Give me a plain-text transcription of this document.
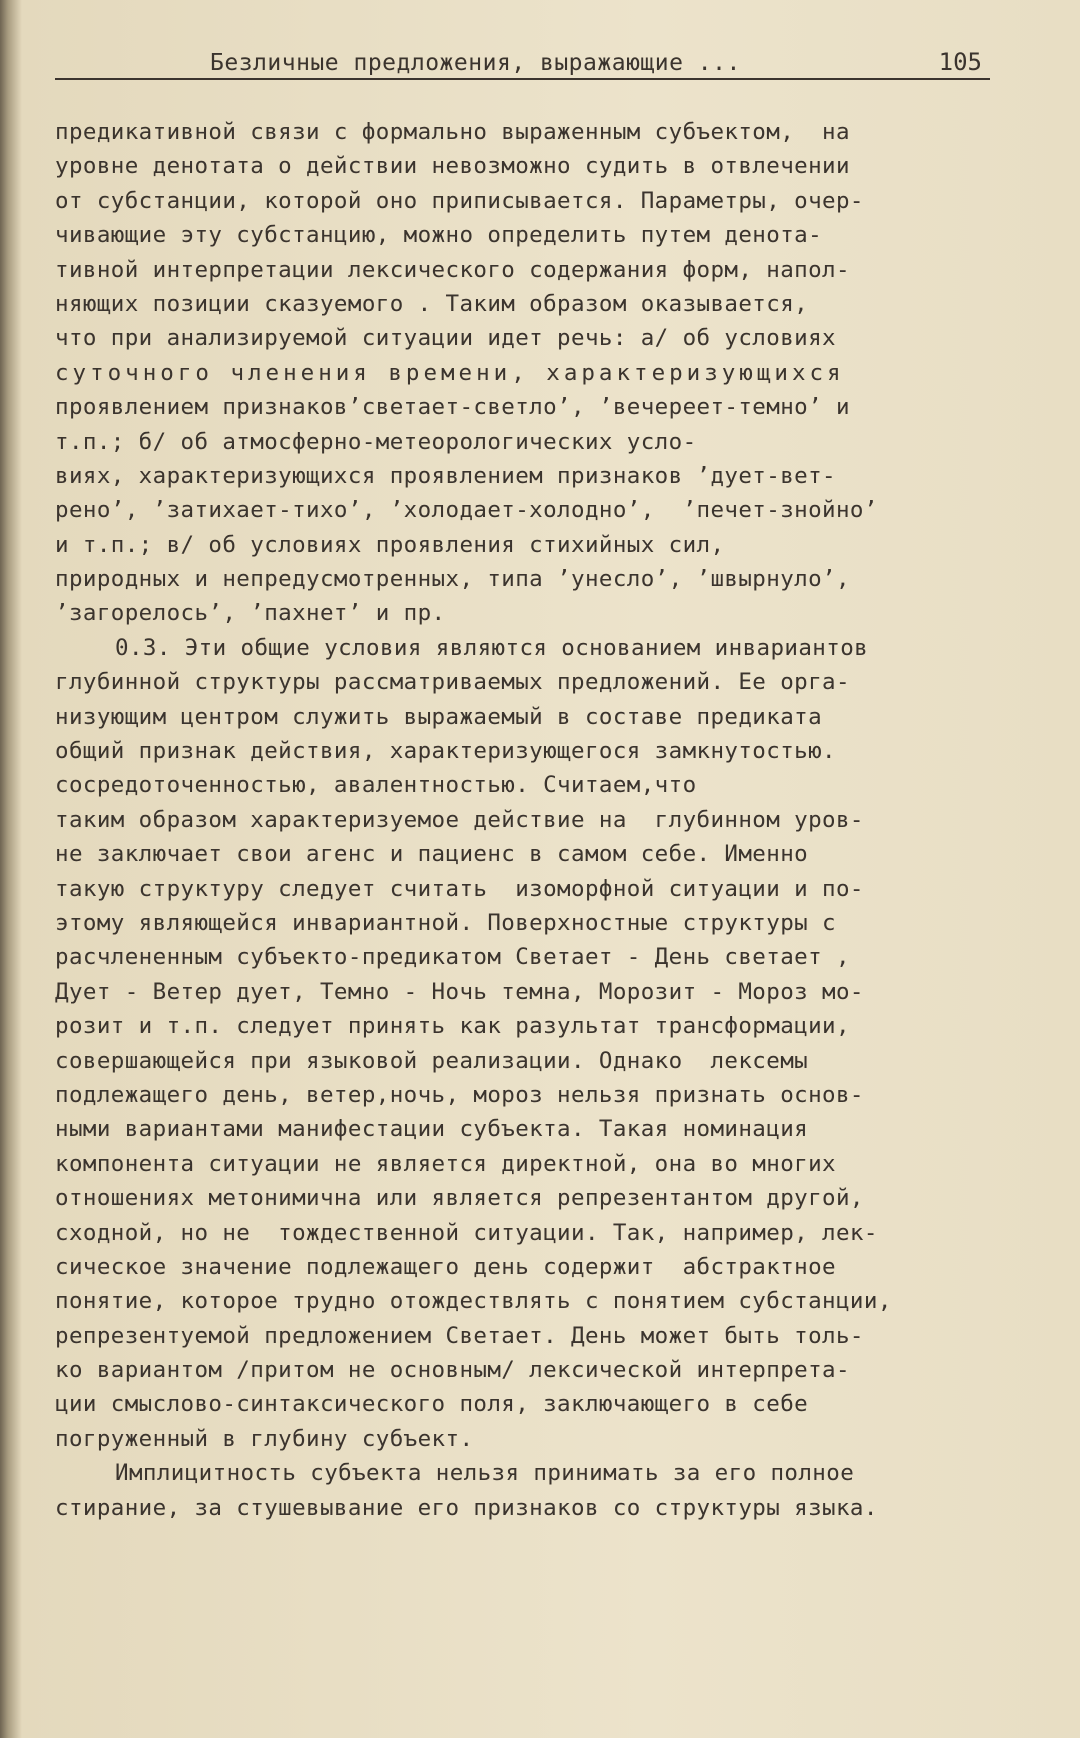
Безличные предложения, выражающие ...	105
предикативной связи с формально выраженным субъектом,  на
уровне денотата о действии невозможно судить в отвлечении
от субстанции, которой оно приписывается. Параметры, очер-
чивающие эту субстанцию, можно определить путем денота-
тивной интерпретации лексического содержания форм, напол-
няющих позиции сказуемого . Таким образом оказывается,
что при анализируемой ситуации идет речь: а/ об условиях
суточного членения времени, характеризующихся
проявлением признаков’светает-светло’, ’вечереет-темно’ и
т.п.; б/ об атмосферно-метеорологических усло-
виях, характеризующихся проявлением признаков ’дует-вет-
рено’, ’затихает-тихо’, ’холодает-холодно’,  ’печет-знойно’
и т.п.; в/ об условиях проявления стихийных сил,
природных и непредусмотренных, типа ’унесло’, ’швырнуло’,
’загорелось’, ’пахнет’ и пр.
0.3. Эти общие условия являются основанием инвариантов
глубинной структуры рассматриваемых предложений. Ее орга-
низующим центром служить выражаемый в составе предиката
общий признак действия, характеризующегося замкнутостью.
сосредоточенностью, авалентностью. Считаем,что
таким образом характеризуемое действие на  глубинном уров-
не заключает свои агенс и пациенс в самом себе. Именно
такую структуру следует считать  изоморфной ситуации и по-
этому являющейся инвариантной. Поверхностные структуры с
расчлененным субъекто-предикатом Светает - День светает ,
Дует - Ветер дует, Темно - Ночь темна, Морозит - Мороз мо-
розит и т.п. следует принять как разультат трансформации,
совершающейся при языковой реализации. Однако  лексемы
подлежащего день, ветер,ночь, мороз нельзя признать основ-
ными вариантами манифестации субъекта. Такая номинация
компонента ситуации не является директной, она во многих
отношениях метонимична или является репрезентантом другой,
сходной, но не  тождественной ситуации. Так, например, лек-
сическое значение подлежащего день содержит  абстрактное
понятие, которое трудно отождествлять с понятием субстанции,
репрезентуемой предложением Светает. День может быть толь-
ко вариантом /притом не основным/ лексической интерпрета-
ции смыслово-синтаксического поля, заключающего в себе
погруженный в глубину субъект.
Имплицитность субъекта нельзя принимать за его полное
стирание, за стушевывание его признаков со структуры языка.
